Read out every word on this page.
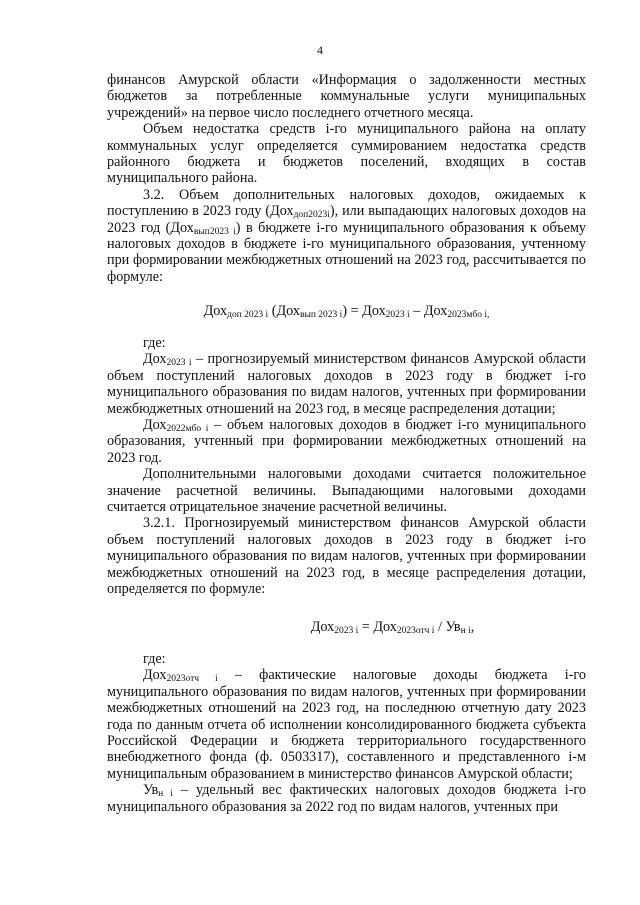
4

финансов Амурской области «Информация о задолженности местных бюджетов за потребленные коммунальные услуги муниципальных учреждений» на первое число последнего отчетного месяца.

Объем недостатка средств i-го муниципального района на оплату коммунальных услуг определяется суммированием недостатка средств районного бюджета и бюджетов поселений, входящих в состав муниципального района.

3.2. Объем дополнительных налоговых доходов, ожидаемых к поступлению в 2023 году (Дох$_{доп2023i}$), или выпадающих налоговых доходов на 2023 год (Дох$_{вып2023 i}$) в бюджете i-го муниципального образования к объему налоговых доходов в бюджете i-го муниципального образования, учтенному при формировании межбюджетных отношений на 2023 год, рассчитывается по формуле:

Дох$_{доп 2023 i}$ (Дох$_{вып 2023 i}$) = Дох$_{2023 i}$ – Дох$_{2023мбо i,}$

где:

Дох$_{2023 i}$ – прогнозируемый министерством финансов Амурской области объем поступлений налоговых доходов в 2023 году в бюджет i-го муниципального образования по видам налогов, учтенных при формировании межбюджетных отношений на 2023 год, в месяце распределения дотации;

Дох$_{2022мбо i}$ – объем налоговых доходов в бюджет i-го муниципального образования, учтенный при формировании межбюджетных отношений на 2023 год.

Дополнительными налоговыми доходами считается положительное значение расчетной величины. Выпадающими налоговыми доходами считается отрицательное значение расчетной величины.

3.2.1. Прогнозируемый министерством финансов Амурской области объем поступлений налоговых доходов в 2023 году в бюджет i-го муниципального образования по видам налогов, учтенных при формировании межбюджетных отношений на 2023 год, в месяце распределения дотации, определяется по формуле:

$Дох_{2023 i} = Дох_{2023отч i} / Ув_{н i}$,

где:

Дох$_{2023отч i}$ – фактические налоговые доходы бюджета i-го муниципального образования по видам налогов, учтенных при формировании межбюджетных отношений на 2023 год, на последнюю отчетную дату 2023 года по данным отчета об исполнении консолидированного бюджета субъекта Российской Федерации и бюджета территориального государственного внебюджетного фонда (ф. 0503317), составленного и представленного i-м муниципальным образованием в министерство финансов Амурской области;

$Ув_{н i}$ – удельный вес фактических налоговых доходов бюджета i-го муниципального образования за 2022 год по видам налогов, учтенных при
